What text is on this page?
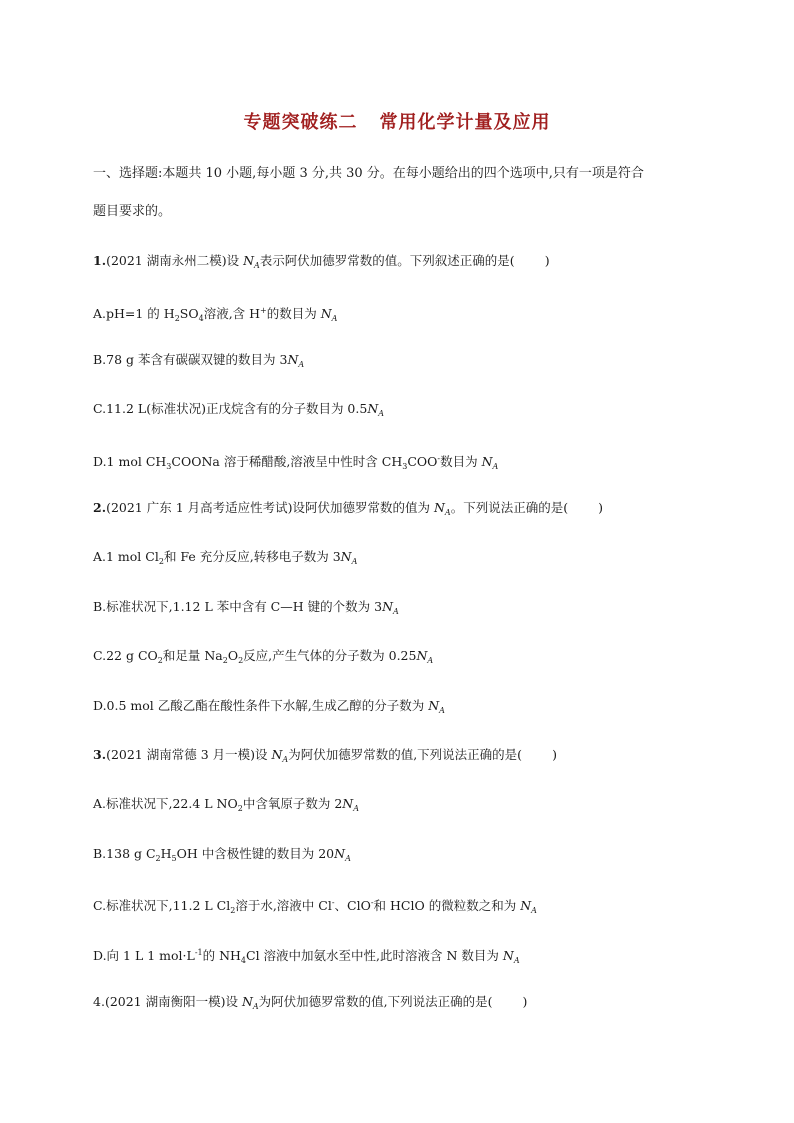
专题突破练二 常用化学计量及应用
一、选择题:本题共 10 小题,每小题 3 分,共 30 分。在每小题给出的四个选项中,只有一项是符合
题目要求的。
1.(2021 湖南永州二模)设 $N_A$表示阿伏加德罗常数的值。下列叙述正确的是( )
A.pH=1 的 $H_2SO_4$溶液,含 H+的数目为 $N_A$
B.78 g 苯含有碳碳双键的数目为 $3N_A$
C.11.2 L(标准状况)正戊烷含有的分子数目为 $0.5N_A$
D.1 mol $CH_3COONa$ 溶于稀醋酸,溶液呈中性时含 $CH_3COO^-$数目为 $N_A$
2.(2021 广东 1 月高考适应性考试)设阿伏加德罗常数的值为 $N_A$。下列说法正确的是( )
A.1 mol $Cl_2$和 Fe 充分反应,转移电子数为 $3N_A$
B.标准状况下,1.12 L 苯中含有 C—H 键的个数为 $3N_A$
C.22 g $CO_2$和足量 $Na_2O_2$反应,产生气体的分子数为 $0.25N_A$
D.0.5 mol 乙酸乙酯在酸性条件下水解,生成乙醇的分子数为 $N_A$
3.(2021 湖南常德 3 月一模)设 $N_A$为阿伏加德罗常数的值,下列说法正确的是( )
A.标准状况下,22.4 L $NO_2$中含氧原子数为 $2N_A$
B.138 g $C_2H_5OH$ 中含极性键的数目为 $20N_A$
C.标准状况下,11.2 L $Cl_2$溶于水,溶液中 Cl-、ClO-和 HClO 的微粒数之和为 $N_A$
D.向 1 L 1 $mol\cdot L^{-1}$的 $NH_4Cl$ 溶液中加氨水至中性,此时溶液含 N 数目为 $N_A$
4.(2021 湖南衡阳一模)设 $N_A$为阿伏加德罗常数的值,下列说法正确的是( )
